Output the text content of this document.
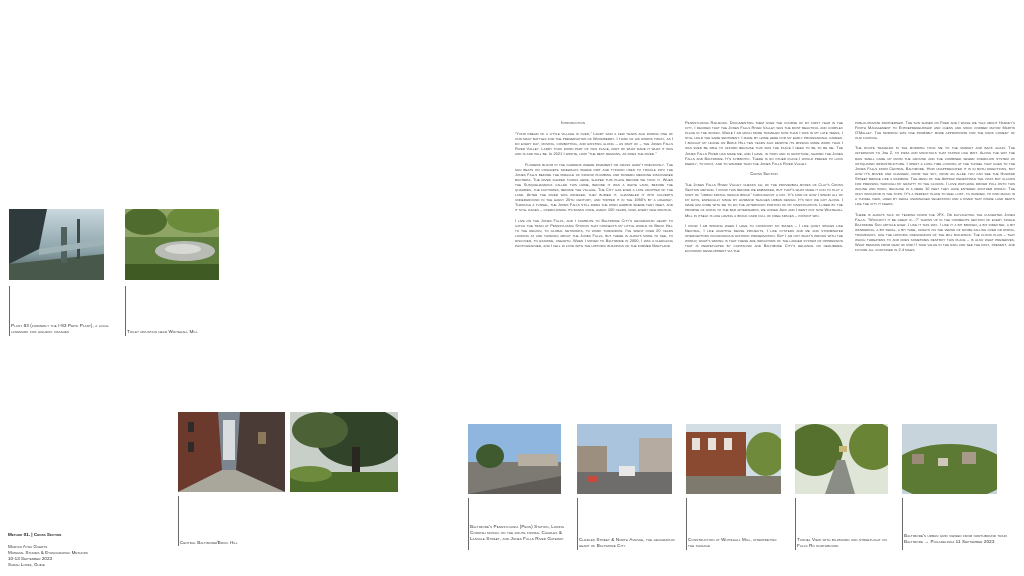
Plant 83 (formerly the I-83 Pepsi Plant), a local landmark for highway crashes	Toilet mountain near Whitehall Mill

Introduction

"Your dream of a little village is over," Larry said a few years ago during one of our many battles for the preservation of Woodberry. I think of his words today, as I do every day, moving, combatting, and existing along – as part of – the Jones Falls River Valley. Larry took down part of this place, part of what made it what it was and is and will be. In 2021 I wrote, how "the rest remains, as does the river."

Flowers bloom in the gardens where pavement or grass hadn't previously. The sun beats on concrete sidewalks where dirt and typhoid used to trickle into the Jones Falls before the miracle of indoor plumbing and modern medicine discovered bacteria. The river shaped things here, shaped this place before we took it. When the Susquehannock called this home, before it was a white land, before the quarries, the factories, before the village. The City has ever a late adopter of the land. After the river was annexed, they buried it, channeled it into culverts underground in the early 20th century, and topped it in the 1950's by a highway. Through a tunnel, the Jones Falls still rides the open harbor where they meet, and it still rages – overflowing its banks once, every 100 years, now, every few months.

I live on the Jones Falls, and I commute to Baltimore City's geographic heart to catch the train at Pennsylvania Station that connects my little world of Brick Hill to the region, to global networks, to work tomorrow. I've spent over 20 years looking at and thinking about the Jones Falls, but there is always more to see, to discover, to examine, unearth. When I moved to Baltimore in 2000, I was a fledgling photographer, and I fell in love with the historic buildings of the former Maryland

Pennsylvania Railroad. Documenting them over the course of my first year in the city, I decided that the Jones Falls River Valley was the most beautiful and complex place in the world. While I am much more traveled now than I was in my late teens, I still hold the same sentiment. I made my home here for my early professional career. I bought my house on Brick Hill ten years ago despite its missing more work than I was ever be able to afford because this was the place I need to be to be me. The Jones Falls River has made me, and I have, in turn and in gratitude, shaped the Jones Falls and Baltimore. It's symbiotic. There is no other place I would prefer to look deeply, to root, and to wander than the Jones Falls River Valley.

Cross Section

The Jones Falls River Valley checks all of the proverbial boxes of Clay's Cross Section method. I know this before we embarked, but that's what made it fun to play a sort of "urban spatial design bingo" throughout a day. It's kind of how I spend all of my days, especially since my husband teaches urban design. It's why we got along. I made him come with me to do the afternoon portion of my investigation. Lured by the promise of going to the bar afterwards, we joined Jeff and I went out now Whitehall Mill in itself is like having a bingo card full of free spaces – instant win.

I know I am winning when I have to confront my biases – I like quiet spaces like Neutral, I like adaptive reuse projects, I like oysters and me and stormwater interceptors incongruous historic preservation. But I am not what's wrong with the world; what's wrong is that these are indicators of the larger system of oppression that is perpetuated by capitalism and Baltimore City's reliance on neoliberal economic development via the

public-private partnership. The sun shines on Fred and I while we talk about Harvey's Froth Management to Entrepreneurship and chess and mock former mayor Martin O'Malley. The morning was one probably more appropriate for the dark comedy of our looking.

The route traveled in the morning took me to the market and back again. The afternoon to Joe Z, to pizza and mocktails that tasted like mint. Along the way the rain smell came up from the ground and the combined sewer overflow system of antiquated infrastructure. I spent a long time looking at the tunnel that goes to the Jones Falls from Central Baltimore. How unappreciated it is in both directions, but how it's moved and changed, from the sky, from an allée you can see the Howard Street bridge like a rainbow. The mesh of the Amtrak pedestrian the vista but allows for pressing through my gravity to the clouds. I love watching driver pull onto this incline and panic, because in a mere 10 feet they have entered another world. The only indicator is the topo. It's a perfect place to feel lost, to wander, to find magic in a tunnel view, lined by feral unmanaged vegetation and a river that inside land rests like the city it feeds.

There is always talk of tearing down the JFX. Or daylighting the culverted Jones Falls. "Wouldn't it be great if...?" shows up in the comments section of every single Baltimore Sun article ever. I like it this way. I like it a bit broken, a bit directed, a bit wandering, a bit feral, a bit tame, always on the verge of maybe falling over or rising, triumphant, like the historic crescendos of the mill buildings. The flood plain – that which threatens to and does sometimes destroy this place – is also what preserves. What remains from fear of risk! I take value in the rain and see the past, present, and future all contained in 2.4 miles.

Central Baltimore/Brick Hill
Baltimore's Pennsylvania (Penn) Station, Loring Cornish mosaic on the route formal Charles & Lanvale Street, and Jones Falls River Gateway	Charles Street & North Avenue, the geographic heart of Baltimore City
Construction at Whitehall Mill, interpreting the signage
Tunnel View with billboard and streetlight on Falls Rd northbound
Baltimore's urban grid viewed from northbound train Baltimore → Philadelphia 11 September 2023
Method 01. | Cross Section
Maryan Ayra Guerts
Material Studies & Ethnographic Methods
10-13 September 2023
Sarah Lopez, Guide
